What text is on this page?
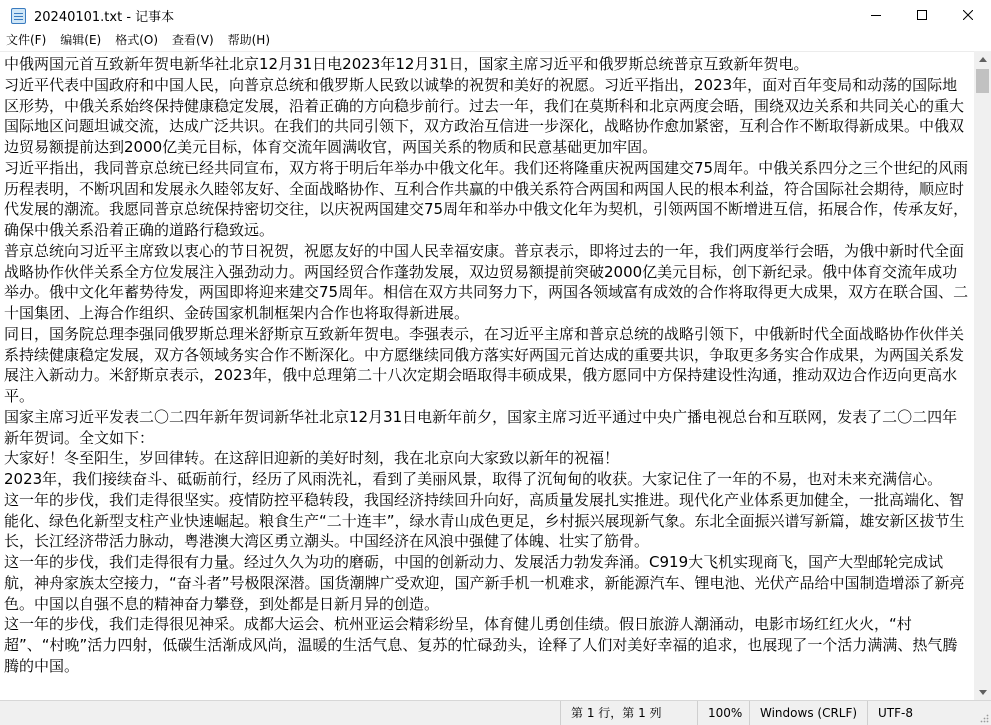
20240101.txt - 记事本
文件(F)	编辑(E)	格式(O)	查看(V)	帮助(H)

中俄两国元首互致新年贺电新华社北京12月31日电2023年12月31日，国家主席习近平和俄罗斯总统普京互致新年贺电。

习近平代表中国政府和中国人民，向普京总统和俄罗斯人民致以诚挚的祝贺和美好的祝愿。习近平指出，2023年，面对百年变局和动荡的国际地区形势，中俄关系始终保持健康稳定发展，沿着正确的方向稳步前行。过去一年，我们在莫斯科和北京两度会晤，围绕双边关系和共同关心的重大国际地区问题坦诚交流，达成广泛共识。在我们的共同引领下，双方政治互信进一步深化，战略协作愈加紧密，互利合作不断取得新成果。中俄双边贸易额提前达到2000亿美元目标，体育交流年圆满收官，两国关系的物质和民意基础更加牢固。

习近平指出，我同普京总统已经共同宣布，双方将于明后年举办中俄文化年。我们还将隆重庆祝两国建交75周年。中俄关系四分之三个世纪的风雨历程表明，不断巩固和发展永久睦邻友好、全面战略协作、互利合作共赢的中俄关系符合两国和两国人民的根本利益，符合国际社会期待，顺应时代发展的潮流。我愿同普京总统保持密切交往，以庆祝两国建交75周年和举办中俄文化年为契机，引领两国不断增进互信，拓展合作，传承友好，确保中俄关系沿着正确的道路行稳致远。

普京总统向习近平主席致以衷心的节日祝贺，祝愿友好的中国人民幸福安康。普京表示，即将过去的一年，我们两度举行会晤，为俄中新时代全面战略协作伙伴关系全方位发展注入强劲动力。两国经贸合作蓬勃发展，双边贸易额提前突破2000亿美元目标，创下新纪录。俄中体育交流年成功举办。俄中文化年蓄势待发，两国即将迎来建交75周年。相信在双方共同努力下，两国各领域富有成效的合作将取得更大成果，双方在联合国、二十国集团、上海合作组织、金砖国家机制框架内合作也将取得新进展。

同日，国务院总理李强同俄罗斯总理米舒斯京互致新年贺电。李强表示，在习近平主席和普京总统的战略引领下，中俄新时代全面战略协作伙伴关系持续健康稳定发展，双方各领域务实合作不断深化。中方愿继续同俄方落实好两国元首达成的重要共识，争取更多务实合作成果，为两国关系发展注入新动力。米舒斯京表示，2023年，俄中总理第二十八次定期会晤取得丰硕成果，俄方愿同中方保持建设性沟通，推动双边合作迈向更高水平。

国家主席习近平发表二〇二四年新年贺词新华社北京12月31日电新年前夕，国家主席习近平通过中央广播电视总台和互联网，发表了二〇二四年新年贺词。全文如下：

大家好！冬至阳生，岁回律转。在这辞旧迎新的美好时刻，我在北京向大家致以新年的祝福！

2023年，我们接续奋斗、砥砺前行，经历了风雨洗礼，看到了美丽风景，取得了沉甸甸的收获。大家记住了一年的不易，也对未来充满信心。

这一年的步伐，我们走得很坚实。疫情防控平稳转段，我国经济持续回升向好，高质量发展扎实推进。现代化产业体系更加健全，一批高端化、智能化、绿色化新型支柱产业快速崛起。粮食生产“二十连丰”，绿水青山成色更足，乡村振兴展现新气象。东北全面振兴谱写新篇，雄安新区拔节生长，长江经济带活力脉动，粤港澳大湾区勇立潮头。中国经济在风浪中强健了体魄、壮实了筋骨。

这一年的步伐，我们走得很有力量。经过久久为功的磨砺，中国的创新动力、发展活力勃发奔涌。C919大飞机实现商飞，国产大型邮轮完成试航，神舟家族太空接力，“奋斗者”号极限深潜。国货潮牌广受欢迎，国产新手机一机难求，新能源汽车、锂电池、光伏产品给中国制造增添了新亮色。中国以自强不息的精神奋力攀登，到处都是日新月异的创造。

这一年的步伐，我们走得很见神采。成都大运会、杭州亚运会精彩纷呈，体育健儿勇创佳绩。假日旅游人潮涌动，电影市场红红火火，“村超”、“村晚”活力四射，低碳生活渐成风尚，温暖的生活气息、复苏的忙碌劲头，诠释了人们对美好幸福的追求，也展现了一个活力满满、热气腾腾的中国。

第 1 行，第 1 列	100%	Windows (CRLF)	UTF-8
